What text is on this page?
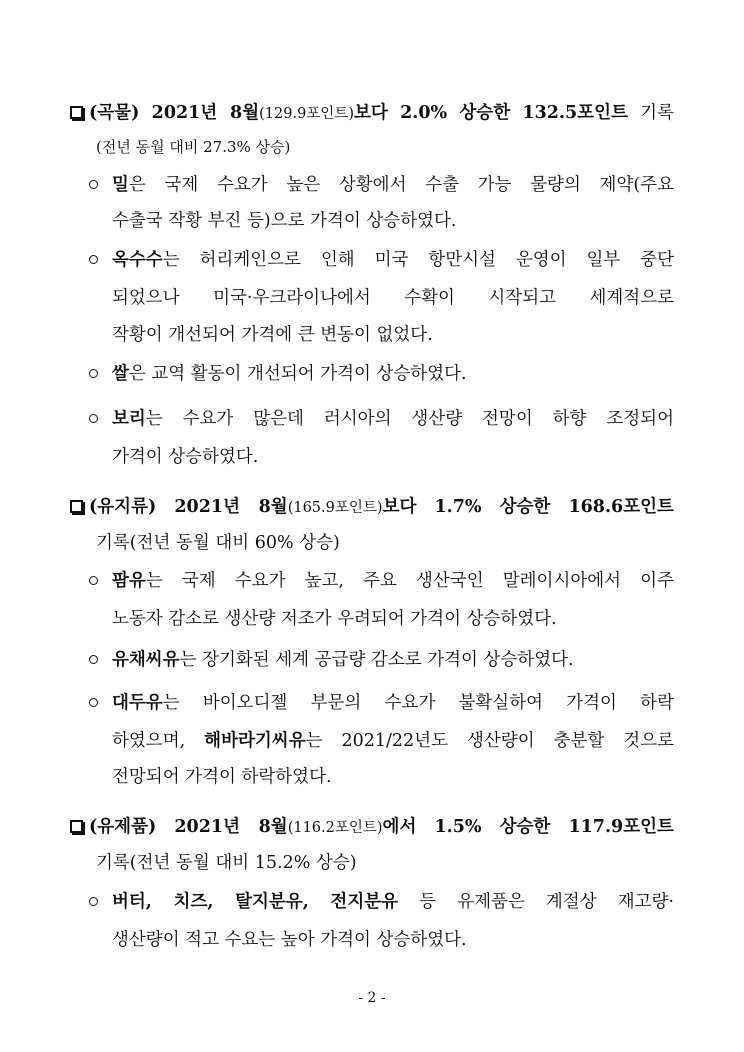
(곡물) 2021년 8월(129.9포인트)보다 2.0% 상승한 132.5포인트 기록
(전년 동월 대비 27.3% 상승)
밀은 국제 수요가 높은 상황에서 수출 가능 물량의 제약(주요
수출국 작황 부진 등)으로 가격이 상승하였다.
옥수수는 허리케인으로 인해 미국 항만시설 운영이 일부 중단
되었으나 미국·우크라이나에서 수확이 시작되고 세계적으로
작황이 개선되어 가격에 큰 변동이 없었다.
쌀은 교역 활동이 개선되어 가격이 상승하였다.
보리는 수요가 많은데 러시아의 생산량 전망이 하향 조정되어
가격이 상승하였다.
(유지류) 2021년 8월(165.9포인트)보다 1.7% 상승한 168.6포인트
기록(전년 동월 대비 60% 상승)
팜유는 국제 수요가 높고, 주요 생산국인 말레이시아에서 이주
노동자 감소로 생산량 저조가 우려되어 가격이 상승하였다.
유채씨유는 장기화된 세계 공급량 감소로 가격이 상승하였다.
대두유는 바이오디젤 부문의 수요가 불확실하여 가격이 하락
하였으며, 해바라기씨유는 2021/22년도 생산량이 충분할 것으로
전망되어 가격이 하락하였다.
(유제품) 2021년 8월(116.2포인트)에서 1.5% 상승한 117.9포인트
기록(전년 동월 대비 15.2% 상승)
버터, 치즈, 탈지분유, 전지분유 등 유제품은 계절상 재고량·
생산량이 적고 수요는 높아 가격이 상승하였다.
- 2 -
